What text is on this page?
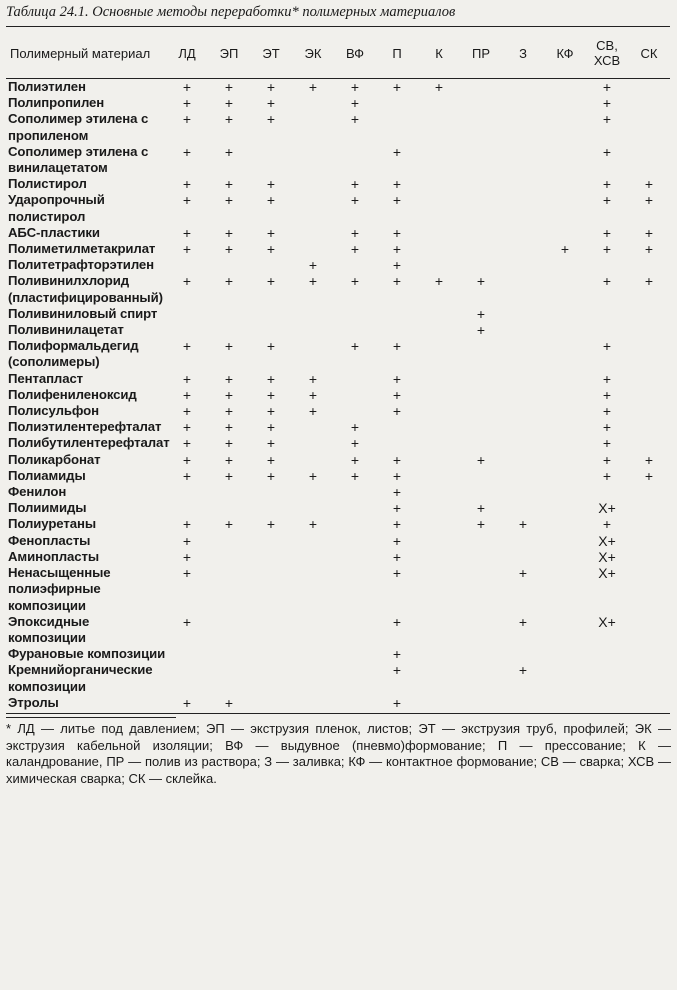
Таблица 24.1. Основные методы переработки* полимерных материалов
Полимерный материал	ЛД	ЭП	ЭТ	ЭК	ВФ	П	К	ПР	З	КФ	СВ, ХСВ	СК
Полиэтилен	+	+	+	+	+	+	+				+	
Полипропилен	+	+	+		+						+	
Сополимер этилена с пропиленом	+	+	+		+						+	
Сополимер этилена с винилацетатом	+	+				+					+	
Полистирол	+	+	+		+	+					+	+
Ударопрочный полистирол	+	+	+		+	+					+	+
АБС-пластики	+	+	+		+	+					+	+
Полиметилметакрилат	+	+	+		+	+				+	+	+
Политетрафторэтилен				+		+						
Поливинилхлорид (пластифицированный)	+	+	+	+	+	+	+	+			+	+
Поливиниловый спирт								+				
Поливинилацетат								+				
Полиформальдегид (сополимеры)	+	+	+		+	+					+	
Пентапласт	+	+	+	+		+					+	
Полифениленоксид	+	+	+	+		+					+	
Полисульфон	+	+	+	+		+					+	
Полиэтилентерефталат	+	+	+		+						+	
Полибутилентерефталат	+	+	+		+						+	
Поликарбонат	+	+	+		+	+		+			+	+
Полиамиды	+	+	+	+	+	+					+	+
Фенилон						+						
Полиимиды						+		+			Х+	
Полиуретаны	+	+	+	+		+		+	+		+	
Фенопласты	+					+					Х+	
Аминопласты	+					+					Х+	
Ненасыщенные полиэфирные композиции	+					+			+		Х+	
Эпоксидные композиции	+					+			+		Х+	
Фурановые композиции						+						
Кремнийорганические композиции						+			+			
Этролы	+	+				+						
* ЛД — литье под давлением; ЭП — экструзия пленок, листов; ЭТ — экструзия труб, профилей; ЭК — экструзия кабельной изоляции; ВФ — выдувное (пневмо)формование; П — прессование; К — каландрование, ПР — полив из раствора; З — заливка; КФ — контактное формование; СВ — сварка; ХСВ — химическая сварка; СК — склейка.
